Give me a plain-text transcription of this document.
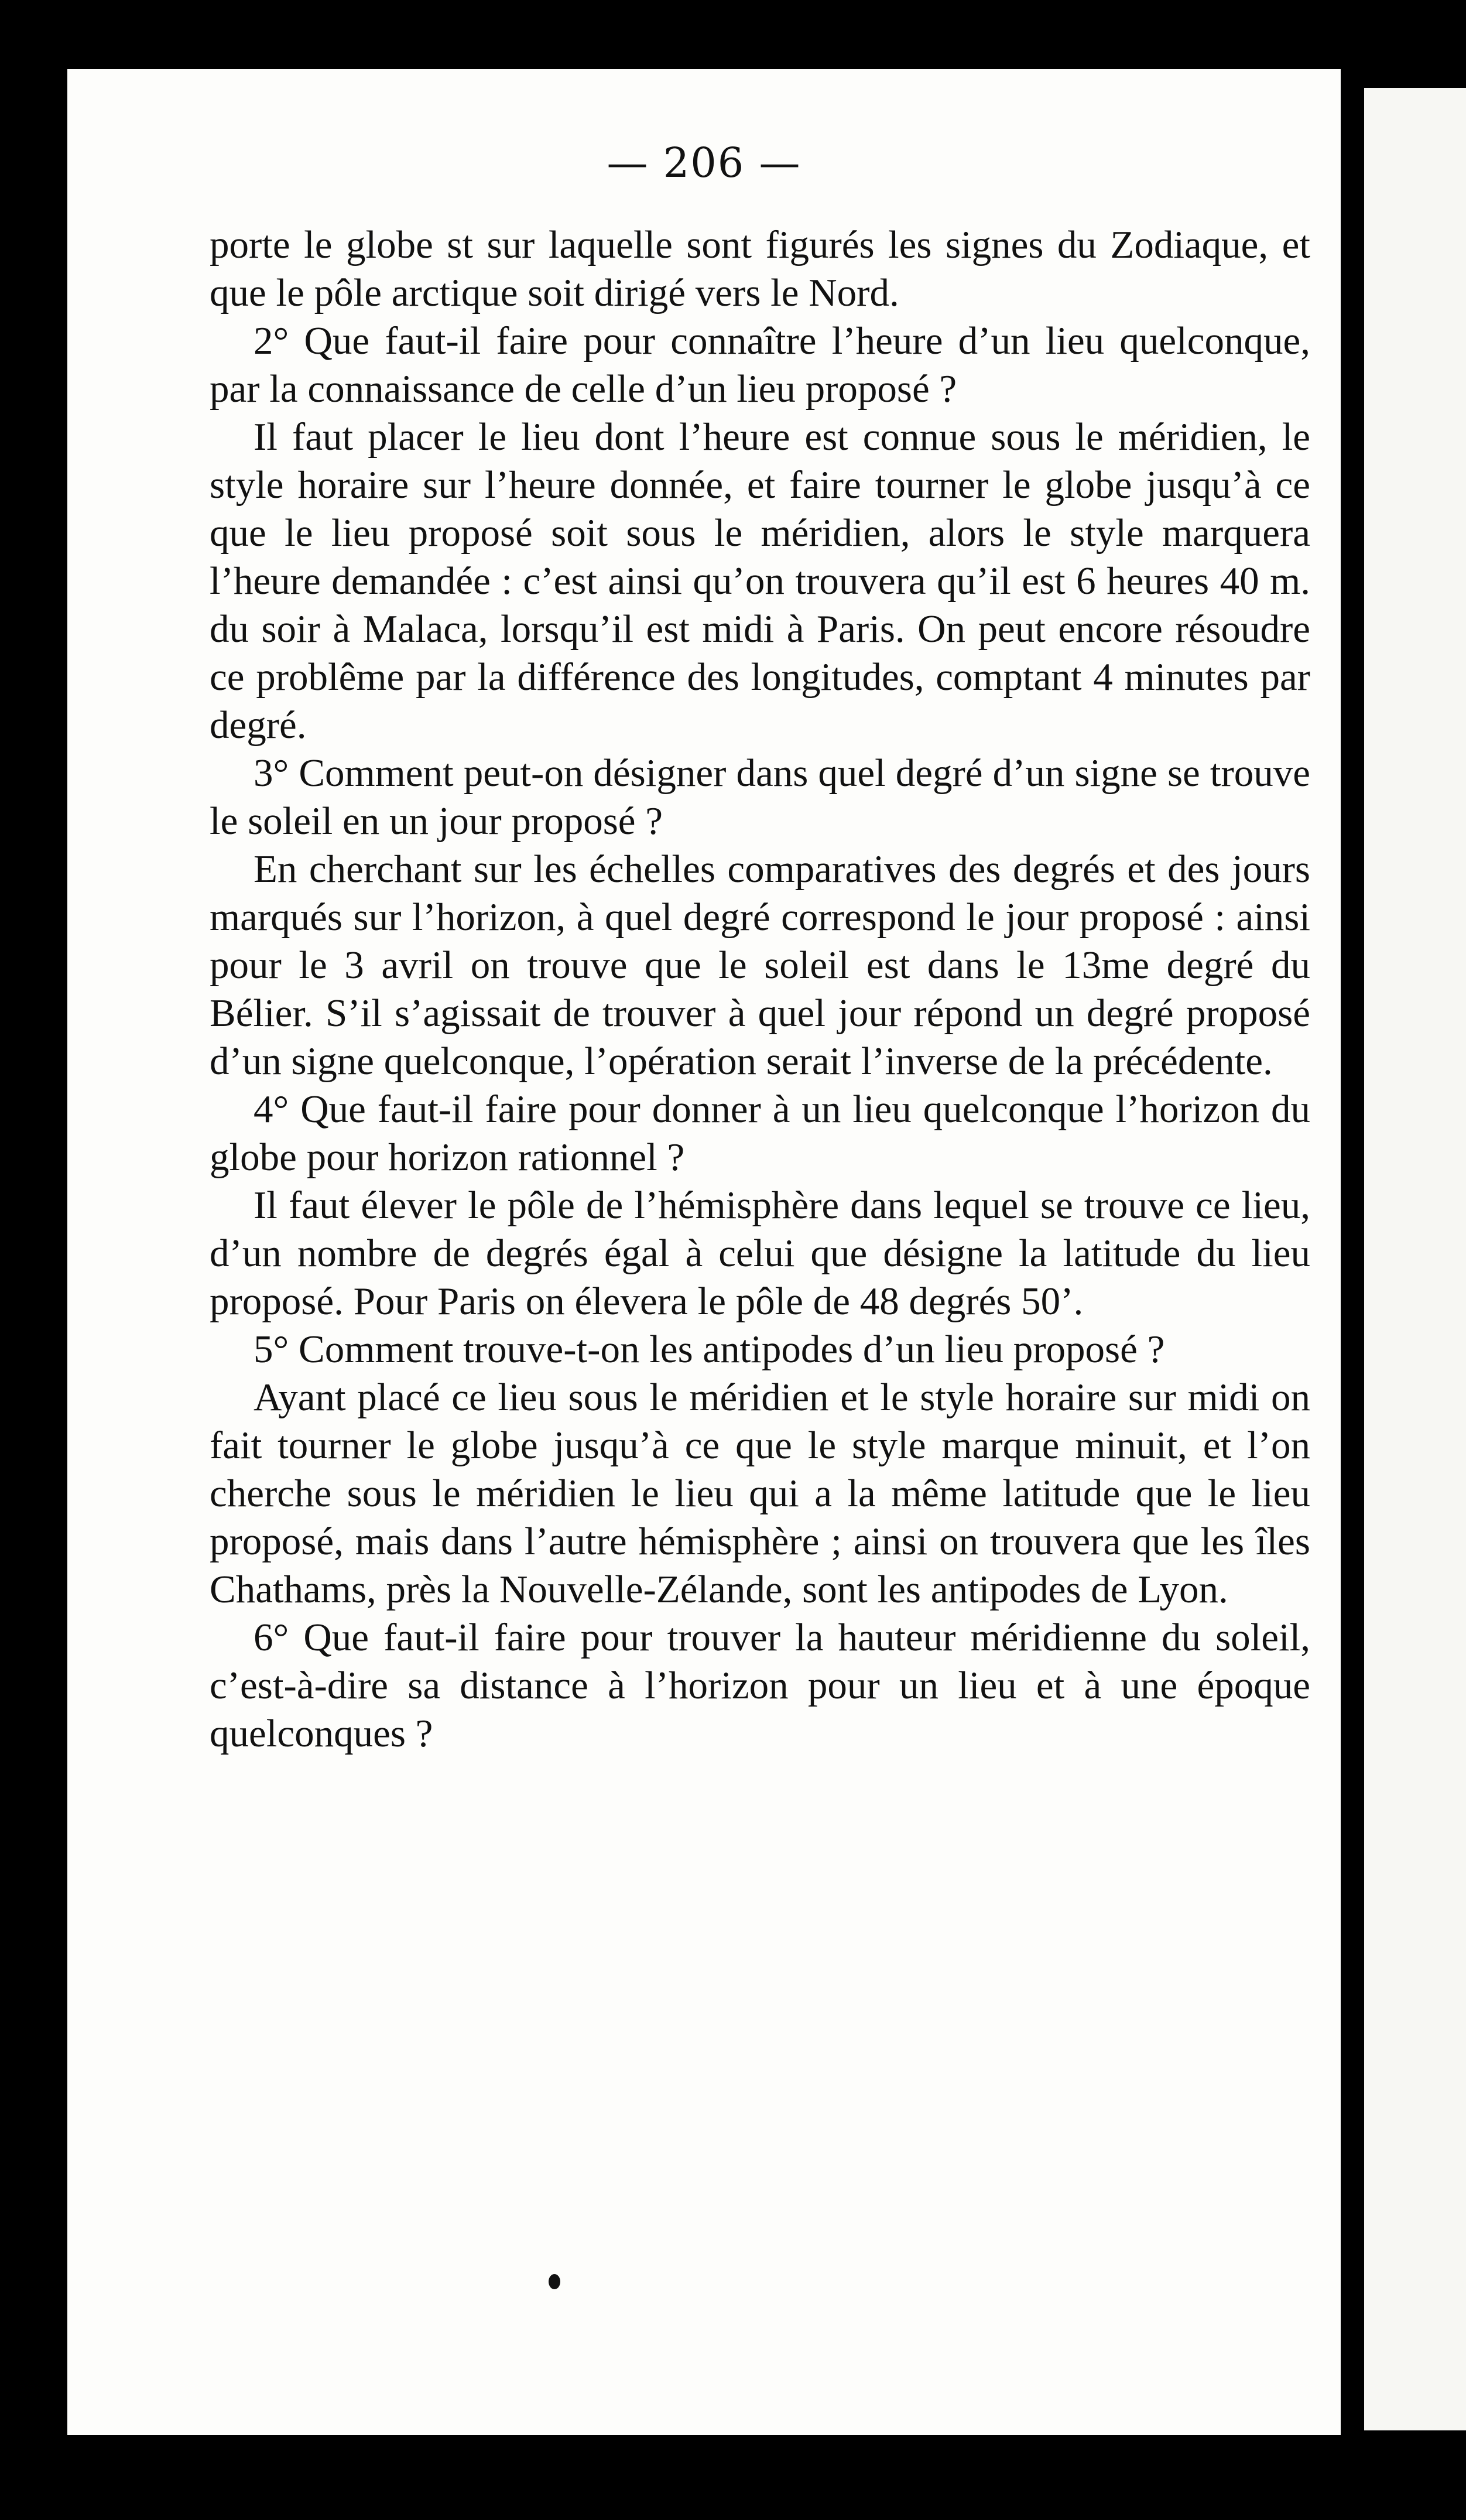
— 206 —

porte le globe st sur laquelle sont figurés les signes du Zodiaque, et que le pôle arctique soit dirigé vers le Nord.

2° Que faut-il faire pour connaître l’heure d’un lieu quelconque, par la connaissance de celle d’un lieu proposé ?

Il faut placer le lieu dont l’heure est connue sous le méridien, le style horaire sur l’heure donnée, et faire tourner le globe jusqu’à ce que le lieu proposé soit sous le méridien, alors le style marquera l’heure demandée : c’est ainsi qu’on trouvera qu’il est 6 heures 40 m. du soir à Malaca, lorsqu’il est midi à Paris. On peut encore résoudre ce problême par la différence des longitudes, comptant 4 minutes par degré.

3° Comment peut-on désigner dans quel degré d’un signe se trouve le soleil en un jour proposé ?

En cherchant sur les échelles comparatives des degrés et des jours marqués sur l’horizon, à quel degré correspond le jour proposé : ainsi pour le 3 avril on trouve que le soleil est dans le 13me degré du Bélier. S’il s’agissait de trouver à quel jour répond un degré proposé d’un signe quelconque, l’opération serait l’inverse de la précédente.

4° Que faut-il faire pour donner à un lieu quelconque l’horizon du globe pour horizon rationnel ?

Il faut élever le pôle de l’hémisphère dans lequel se trouve ce lieu, d’un nombre de degrés égal à celui que désigne la latitude du lieu proposé. Pour Paris on élevera le pôle de 48 degrés 50’.

5° Comment trouve-t-on les antipodes d’un lieu proposé ?

Ayant placé ce lieu sous le méridien et le style horaire sur midi on fait tourner le globe jusqu’à ce que le style marque minuit, et l’on cherche sous le méridien le lieu qui a la même latitude que le lieu proposé, mais dans l’autre hémisphère ; ainsi on trouvera que les îles Chathams, près la Nouvelle-Zélande, sont les antipodes de Lyon.

6° Que faut-il faire pour trouver la hauteur méridienne du soleil, c’est-à-dire sa distance à l’horizon pour un lieu et à une époque quelconques ?
